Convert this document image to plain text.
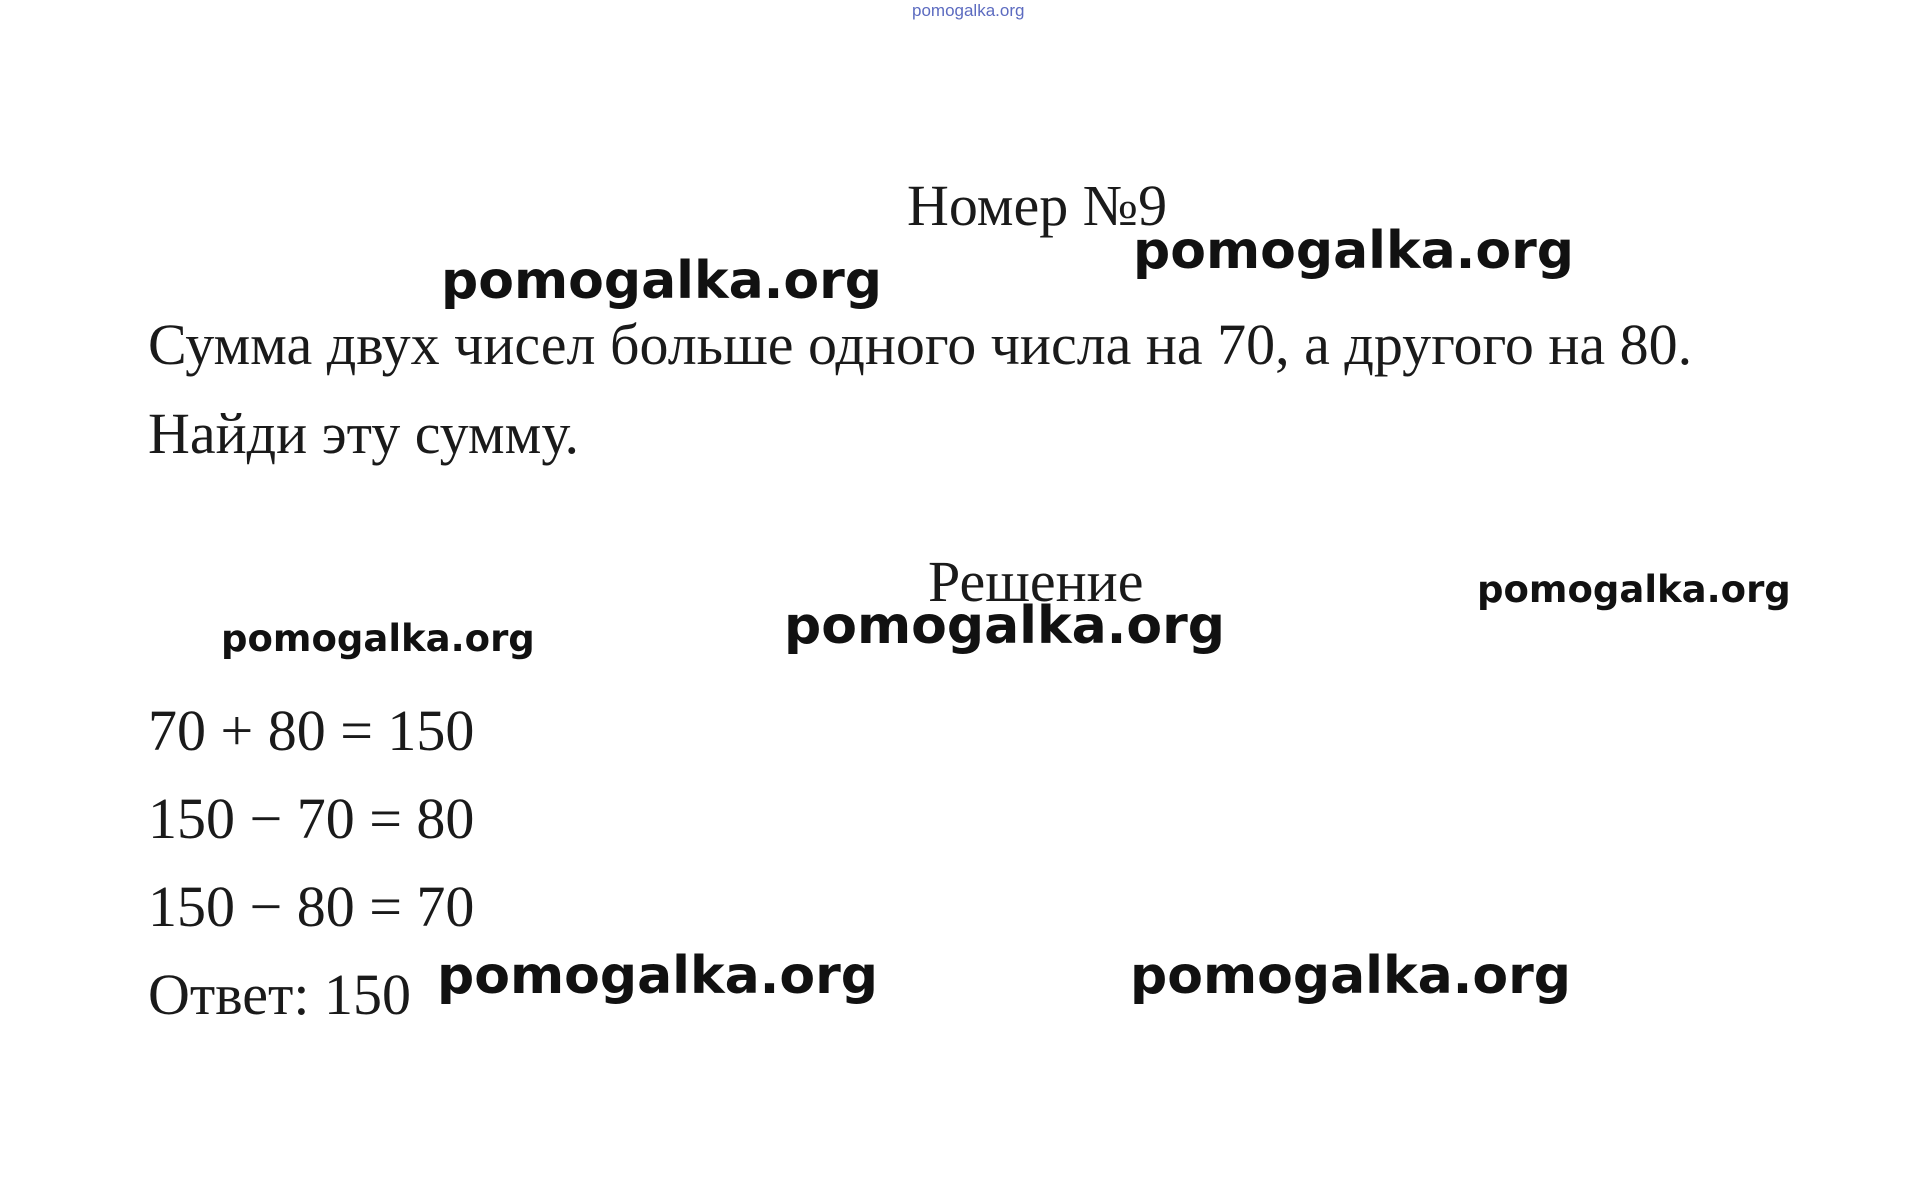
pomogalka.org
Номер №9
Сумма двух чисел больше одного числа на 70, а другого на 80.
Найди эту сумму.
Решение
70 + 80 = 150
150 − 70 = 80
150 − 80 = 70
Ответ: 150
pomogalka.org	pomogalka.org
pomogalka.org
pomogalka.org	pomogalka.org
pomogalka.org	pomogalka.org
